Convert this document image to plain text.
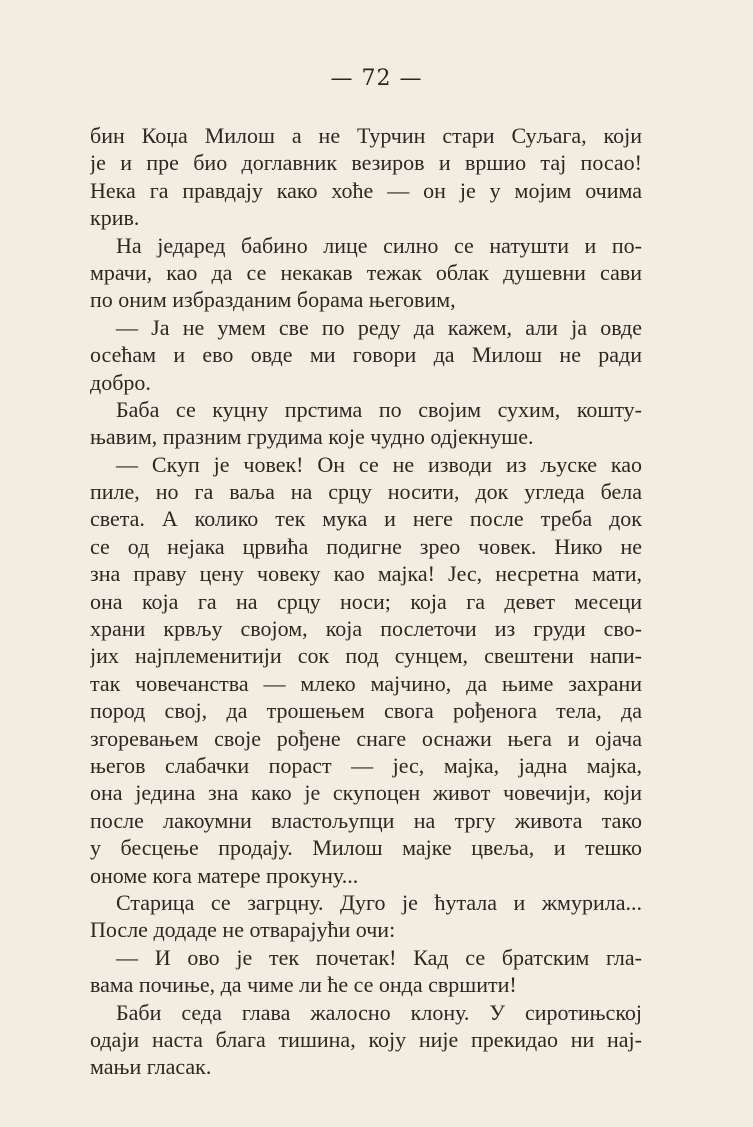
— 72 —
бин Коџа Милош а не Турчин стари Суљага, који
је и пре био доглавник везиров и вршио тај посао!
Нека га правдају како хоће — он је у мојим очима
крив.
На једаред бабино лице силно се натушти и по-
мрачи, као да се некакав тежак облак душевни сави
по оним избразданим борама његовим,
— Ја не умем све по реду да кажем, али ја овде
осећам и ево овде ми говори да Милош не ради
добро.
Баба се куцну прстима по својим сухим, кошту-
њавим, празним грудима које чудно одјекнуше.
— Скуп је човек! Он се не изводи из љуске као
пиле, но га ваља на срцу носити, док угледа бела
света. А колико тек мука и неге после треба док
се од нејака црвића подигне зрео човек. Нико не
зна праву цену човеку као мајка! Јес, несретна мати,
она која га на срцу носи; која га девет месеци
храни крвљу својом, која послеточи из груди сво-
јих најплеменитији сок под сунцем, свештени напи-
так човечанства — млеко мајчино, да њиме захрани
пород свој, да трошењем свога рођенога тела, да
згоревањем своје рођене снаге оснажи њега и ојача
његов слабачки пораст — јес, мајка, јадна мајка,
она једина зна како је скупоцен живот човечији, који
после лакоумни властољупци на тргу живота тако
у бесцење продају. Милош мајке цвеља, и тешко
ономе кога матере прокуну...
Старица се загрцну. Дуго је ћутала и жмурила...
После додаде не отварајући очи:
— И ово је тек почетак! Кад се братским гла-
вама почиње, да чиме ли ће се онда свршити!
Баби седа глава жалосно клону. У сиротињској
одаји наста блага тишина, коју није прекидао ни нај-
мањи гласак.
